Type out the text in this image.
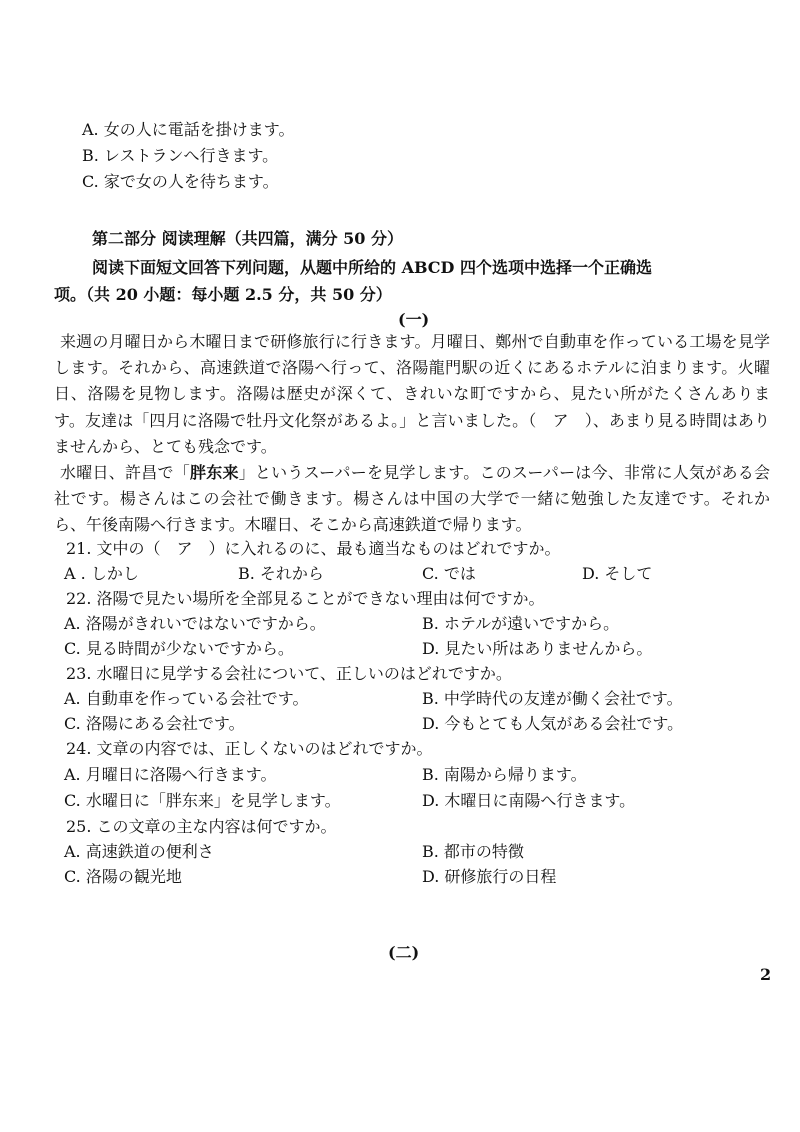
A. 女の人に電話を掛けます。
B. レストランへ行きます。
C. 家で女の人を待ちます。
第二部分 阅读理解（共四篇，满分 50 分）
阅读下面短文回答下列问题，从题中所给的 ABCD 四个选项中选择一个正确选
项。（共 20 小题：每小题 2.5 分，共 50 分）
(一)

来週の月曜日から木曜日まで研修旅行に行きます。月曜日、鄭州で自動車を作っている工場を見学します。それから、高速鉄道で洛陽へ行って、洛陽龍門駅の近くにあるホテルに泊まります。火曜日、洛陽を見物します。洛陽は歴史が深くて、きれいな町ですから、見たい所がたくさんあります。友達は「四月に洛陽で牡丹文化祭があるよ。」と言いました。（　ア　）、あまり見る時間はありませんから、とても残念です。

水曜日、許昌で「胖东来」というスーパーを見学します。このスーパーは今、非常に人気がある会社です。楊さんはこの会社で働きます。楊さんは中国の大学で一緒に勉強した友達です。それから、午後南陽へ行きます。木曜日、そこから高速鉄道で帰ります。

21. 文中の（　ア　）に入れるのに、最も適当なものはどれですか。
A . しかし	B. それから	C. では	D. そして
22. 洛陽で見たい場所を全部見ることができない理由は何ですか。
A. 洛陽がきれいではないですから。	B. ホテルが遠いですから。
C. 見る時間が少ないですから。	D. 見たい所はありませんから。
23. 水曜日に見学する会社について、正しいのはどれですか。
A. 自動車を作っている会社です。	B. 中学時代の友達が働く会社です。
C. 洛陽にある会社です。	D. 今もとても人気がある会社です。
24. 文章の内容では、正しくないのはどれですか。
A. 月曜日に洛陽へ行きます。	B. 南陽から帰ります。
C. 水曜日に「胖东来」を見学します。	D. 木曜日に南陽へ行きます。
25. この文章の主な内容は何ですか。
A. 高速鉄道の便利さ	B. 都市の特徴
C. 洛陽の観光地	D. 研修旅行の日程
(二)
2
